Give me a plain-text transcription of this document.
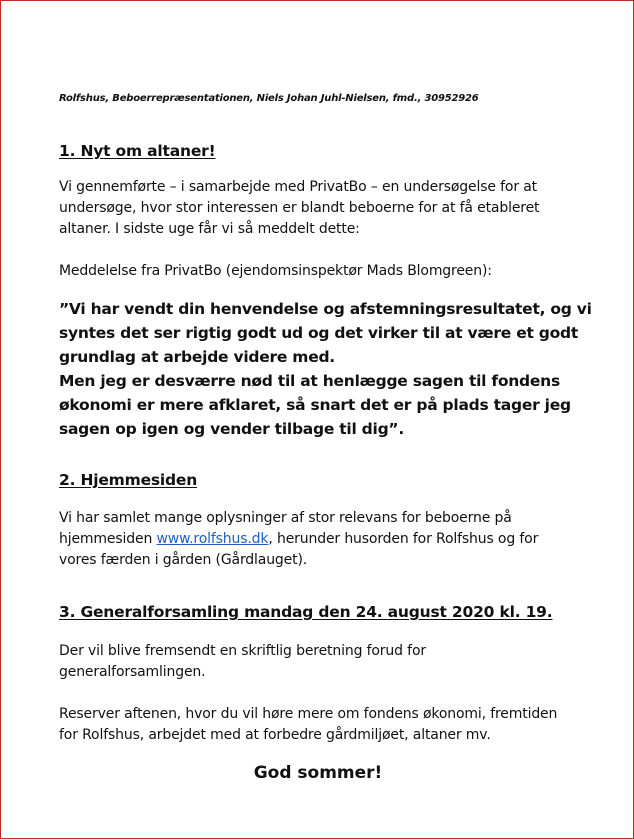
Rolfshus, Beboerrepræsentationen, Niels Johan Juhl-Nielsen, fmd., 30952926
1. Nyt om altaner!
Vi gennemførte – i samarbejde med PrivatBo – en undersøgelse for at
undersøge, hvor stor interessen er blandt beboerne for at få etableret
altaner. I sidste uge får vi så meddelt dette:
Meddelelse fra PrivatBo (ejendomsinspektør Mads Blomgreen):
”Vi har vendt din henvendelse og afstemningsresultatet, og vi
syntes det ser rigtig godt ud og det virker til at være et godt
grundlag at arbejde videre med.
Men jeg er desværre nød til at henlægge sagen til fondens
økonomi er mere afklaret, så snart det er på plads tager jeg
sagen op igen og vender tilbage til dig”.
2. Hjemmesiden
Vi har samlet mange oplysninger af stor relevans for beboerne på
hjemmesiden www.rolfshus.dk, herunder husorden for Rolfshus og for
vores færden i gården (Gårdlauget).
3. Generalforsamling mandag den 24. august 2020 kl. 19.
Der vil blive fremsendt en skriftlig beretning forud for
generalforsamlingen.
Reserver aftenen, hvor du vil høre mere om fondens økonomi, fremtiden
for Rolfshus, arbejdet med at forbedre gårdmiljøet, altaner mv.
God sommer!
